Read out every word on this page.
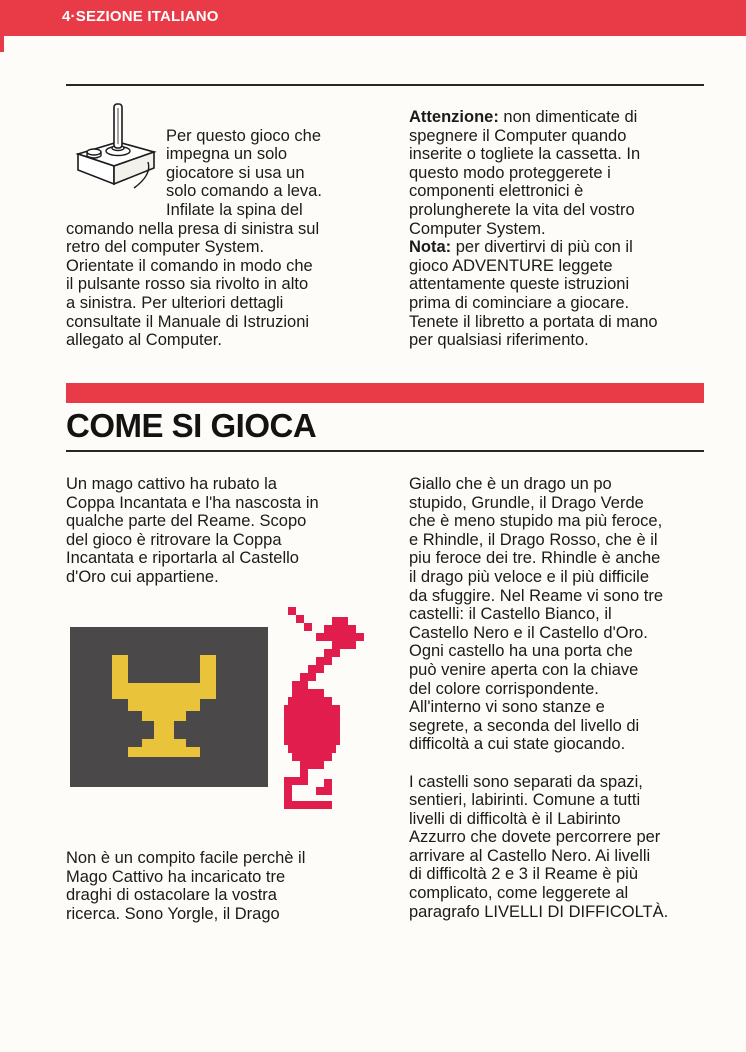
4·SEZIONE ITALIANO

Per questo gioco che
impegna un solo
giocatore si usa un
solo comando a leva.
Infilate la spina del
comando nella presa di sinistra sul
retro del computer System.
Orientate il comando in modo che
il pulsante rosso sia rivolto in alto
a sinistra. Per ulteriori dettagli
consultate il Manuale di Istruzioni
allegato al Computer.

Attenzione: non dimenticate di
spegnere il Computer quando
inserite o togliete la cassetta. In
questo modo proteggerete i
componenti elettronici è
prolungherete la vita del vostro
Computer System.
Nota: per divertirvi di più con il
gioco ADVENTURE leggete
attentamente queste istruzioni
prima di cominciare a giocare.
Tenete il libretto a portata di mano
per qualsiasi riferimento.
COME SI GIOCA
Un mago cattivo ha rubato la
Coppa Incantata e l'ha nascosta in
qualche parte del Reame. Scopo
del gioco è ritrovare la Coppa
Incantata e riportarla al Castello
d'Oro cui appartiene.
Non è un compito facile perchè il
Mago Cattivo ha incaricato tre
draghi di ostacolare la vostra
ricerca. Sono Yorgle, il Drago
Giallo che è un drago un po
stupido, Grundle, il Drago Verde
che è meno stupido ma più feroce,
e Rhindle, il Drago Rosso, che è il
piu feroce dei tre. Rhindle è anche
il drago più veloce e il più difficile
da sfuggire. Nel Reame vi sono tre
castelli: il Castello Bianco, il
Castello Nero e il Castello d'Oro.
Ogni castello ha una porta che
può venire aperta con la chiave
del colore corrispondente.
All'interno vi sono stanze e
segrete, a seconda del livello di
difficoltà a cui state giocando.

I castelli sono separati da spazi,
sentieri, labirinti. Comune a tutti
livelli di difficoltà è il Labirinto
Azzurro che dovete percorrere per
arrivare al Castello Nero. Ai livelli
di difficoltà 2 e 3 il Reame è più
complicato, come leggerete al
paragrafo LIVELLI DI DIFFICOLTÀ.
